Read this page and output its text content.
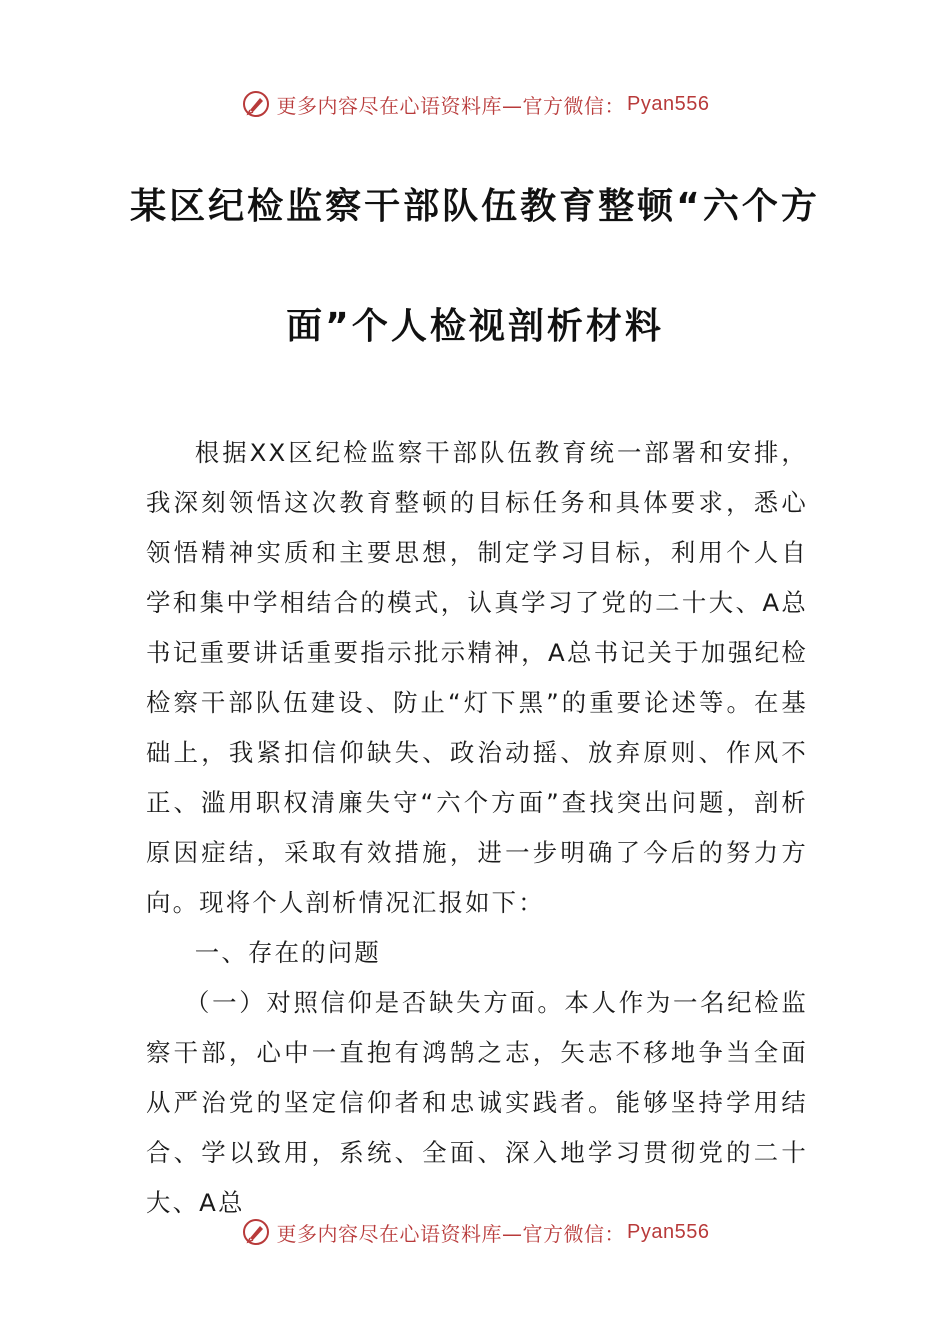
更多内容尽在心语资料库—官方微信： Pyan556
某区纪检监察干部队伍教育整顿“六个方
面”个人检视剖析材料

根据XX区纪检监察干部队伍教育统一部署和安排，我深刻领悟这次教育整顿的目标任务和具体要求，悉心领悟精神实质和主要思想，制定学习目标，利用个人自学和集中学相结合的模式，认真学习了党的二十大、A总书记重要讲话重要指示批示精神，A总书记关于加强纪检检察干部队伍建设、防止“灯下黑”的重要论述等。在基础上，我紧扣信仰缺失、政治动摇、放弃原则、作风不正、滥用职权清廉失守“六个方面”查找突出问题，剖析原因症结，采取有效措施，进一步明确了今后的努力方向。现将个人剖析情况汇报如下：

一、存在的问题

（一）对照信仰是否缺失方面。本人作为一名纪检监察干部，心中一直抱有鸿鹄之志，矢志不移地争当全面从严治党的坚定信仰者和忠诚实践者。能够坚持学用结合、学以致用，系统、全面、深入地学习贯彻党的二十大、A总

更多内容尽在心语资料库—官方微信： Pyan556
